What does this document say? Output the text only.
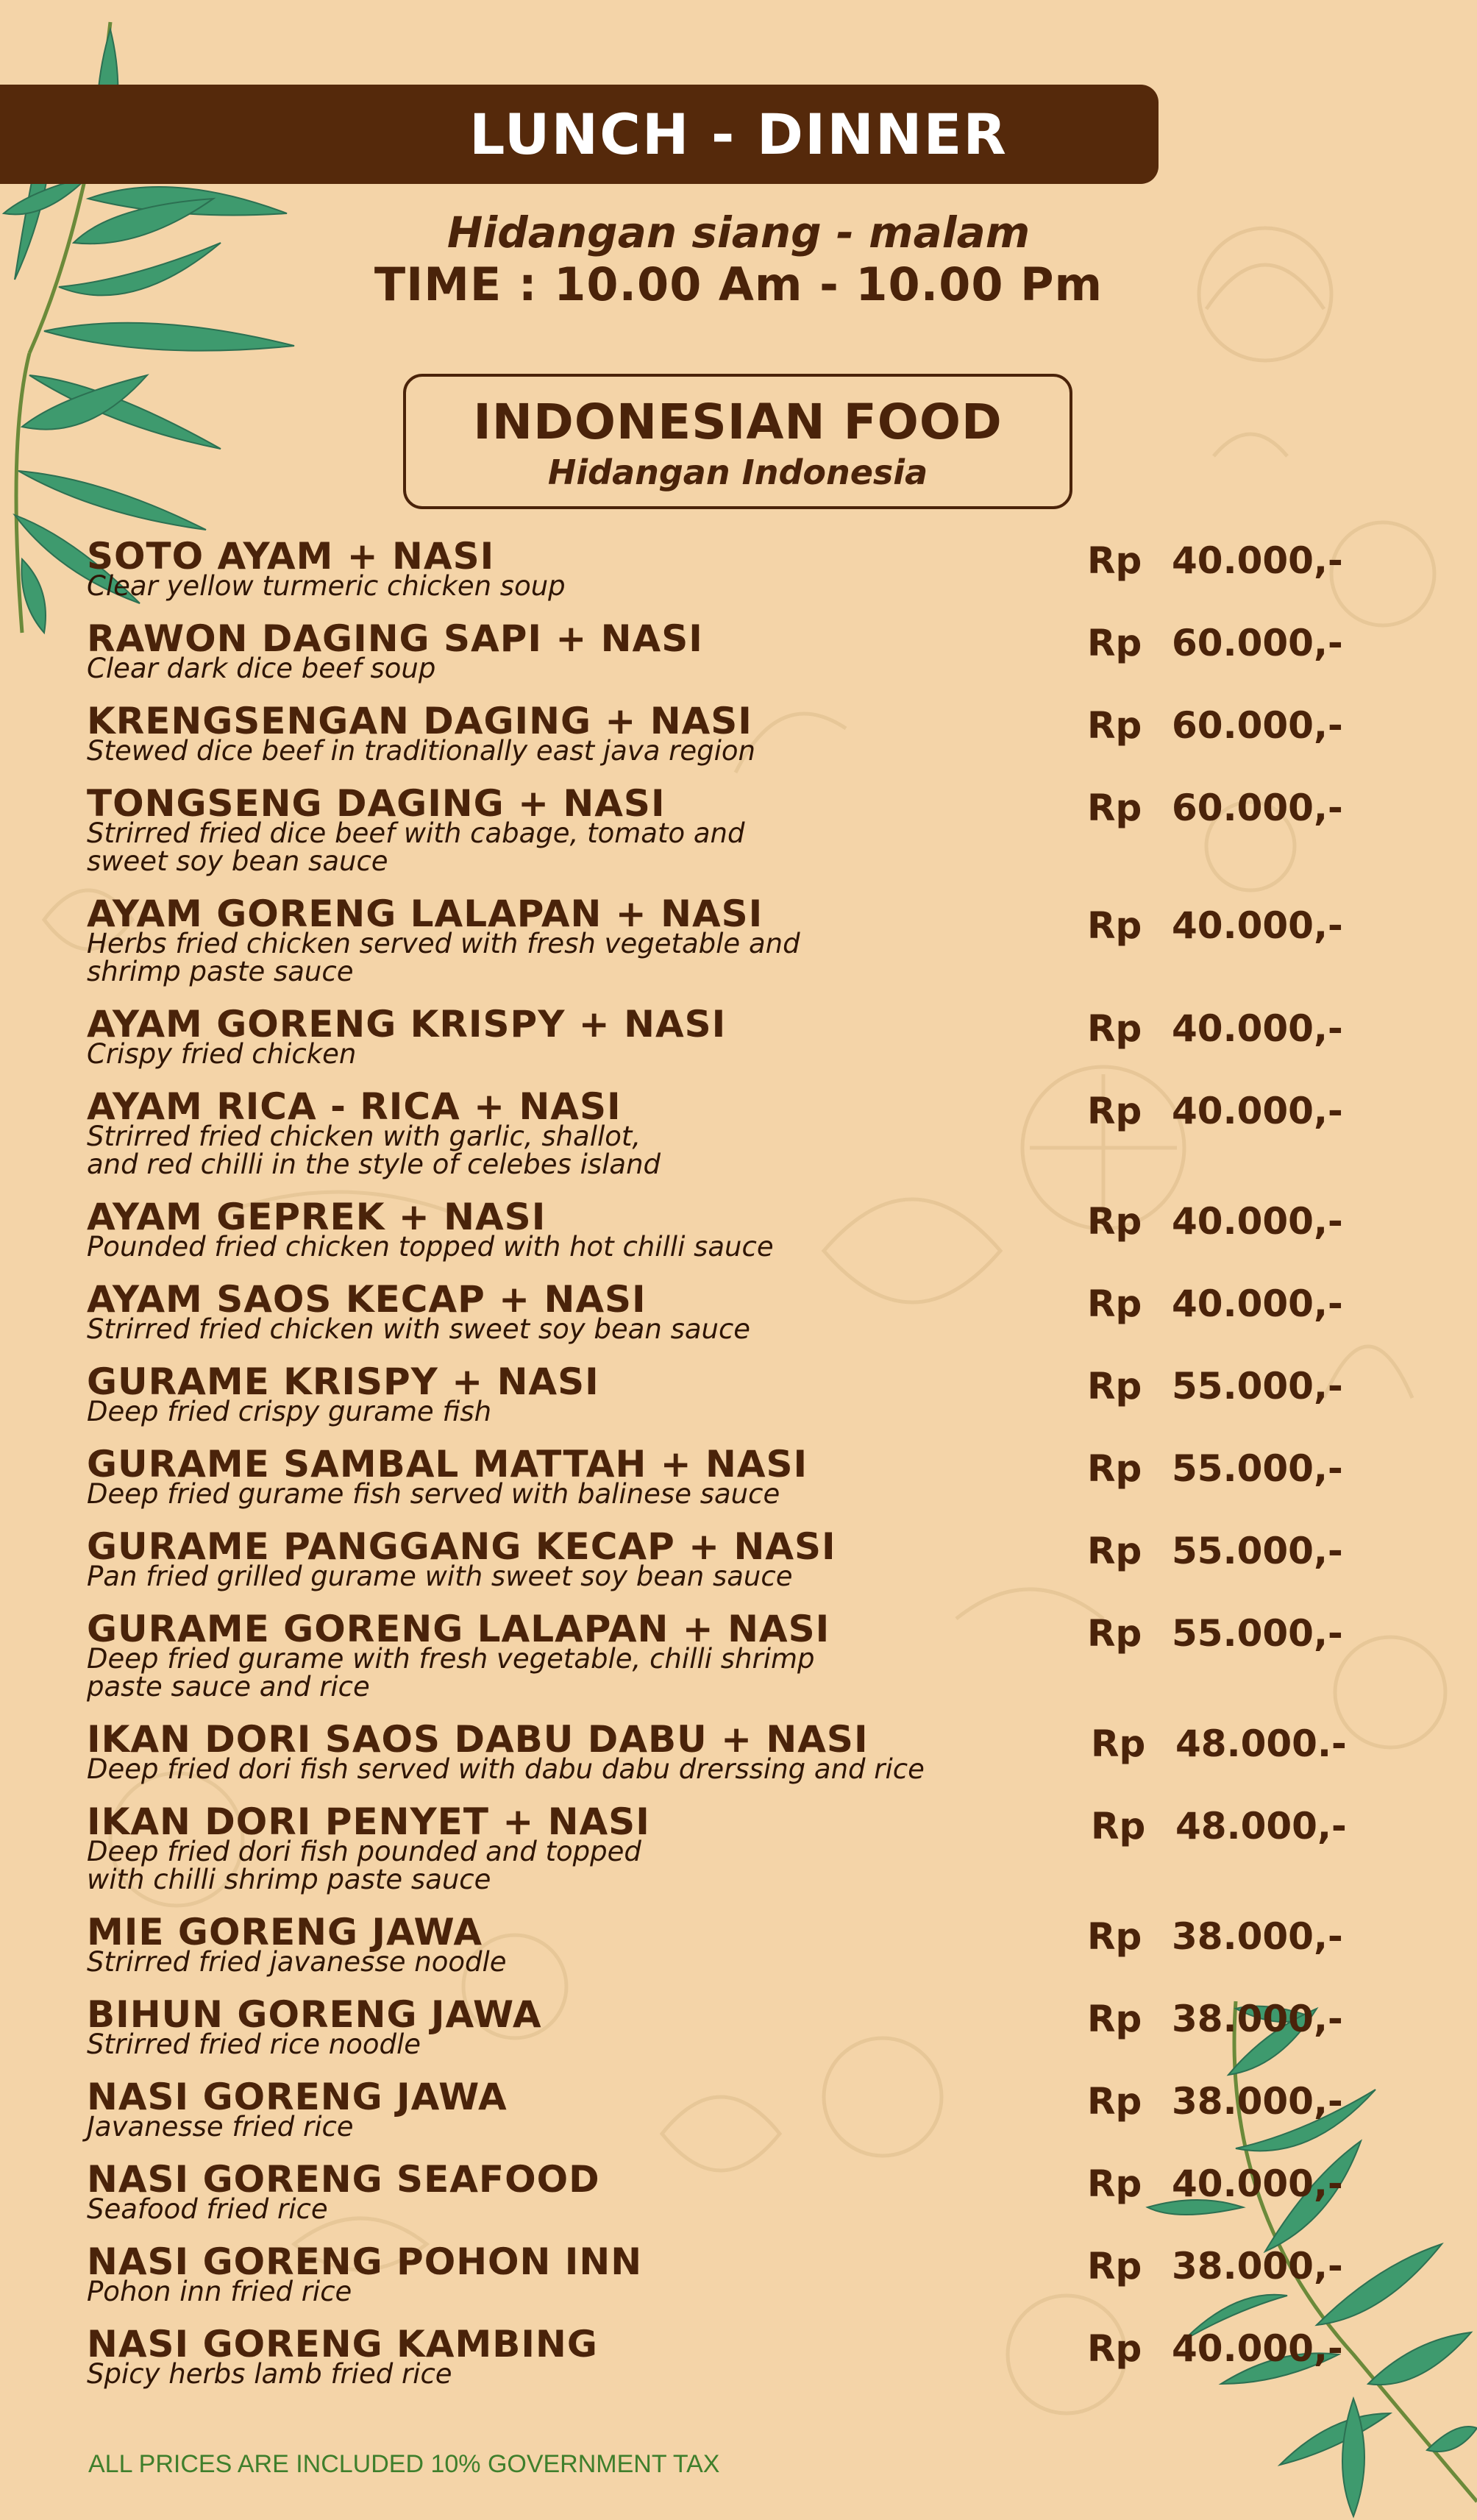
LUNCH - DINNER
Hidangan siang - malam
TIME : 10.00 Am - 10.00 Pm
INDONESIAN FOOD
Hidangan Indonesia
SOTO AYAM + NASI
Clear yellow turmeric chicken soup
Rp 40.000,-
RAWON DAGING SAPI + NASI
Clear dark dice beef soup
Rp 60.000,-
KRENGSENGAN DAGING + NASI
Stewed dice beef in traditionally east java region
Rp 60.000,-
TONGSENG DAGING + NASI
Strirred fried dice beef with cabage, tomato and
sweet soy bean sauce
Rp 60.000,-
AYAM GORENG LALAPAN + NASI
Herbs fried chicken served with fresh vegetable and
shrimp paste sauce
Rp 40.000,-
AYAM GORENG KRISPY + NASI
Crispy fried chicken
Rp 40.000,-
AYAM RICA - RICA + NASI
Strirred fried chicken with garlic, shallot,
and red chilli in the style of celebes island
Rp 40.000,-
AYAM GEPREK + NASI
Pounded fried chicken topped with hot chilli sauce
Rp 40.000,-
AYAM SAOS KECAP + NASI
Strirred fried chicken with sweet soy bean sauce
Rp 40.000,-
GURAME KRISPY + NASI
Deep fried crispy gurame fish
Rp 55.000,-
GURAME SAMBAL MATTAH + NASI
Deep fried gurame fish served with balinese sauce
Rp 55.000,-
GURAME PANGGANG KECAP + NASI
Pan fried grilled gurame with sweet soy bean sauce
Rp 55.000,-
GURAME GORENG LALAPAN + NASI
Deep fried gurame with fresh vegetable, chilli shrimp
paste sauce and rice
Rp 55.000,-
IKAN DORI SAOS DABU DABU + NASI
Deep fried dori fish served with dabu dabu drerssing and rice
Rp 48.000.-
IKAN DORI PENYET + NASI
Deep fried dori fish pounded and topped
with chilli shrimp paste sauce
Rp 48.000,-
MIE GORENG JAWA
Strirred fried javanesse noodle
Rp 38.000,-
BIHUN GORENG JAWA
Strirred fried rice noodle
Rp 38.000,-
NASI GORENG JAWA
Javanesse fried rice
Rp 38.000,-
NASI GORENG SEAFOOD
Seafood fried rice
Rp 40.000,-
NASI GORENG POHON INN
Pohon inn fried rice
Rp 38.000,-
NASI GORENG KAMBING
Spicy herbs lamb fried rice
Rp 40.000,-
ALL PRICES ARE INCLUDED 10% GOVERNMENT TAX
